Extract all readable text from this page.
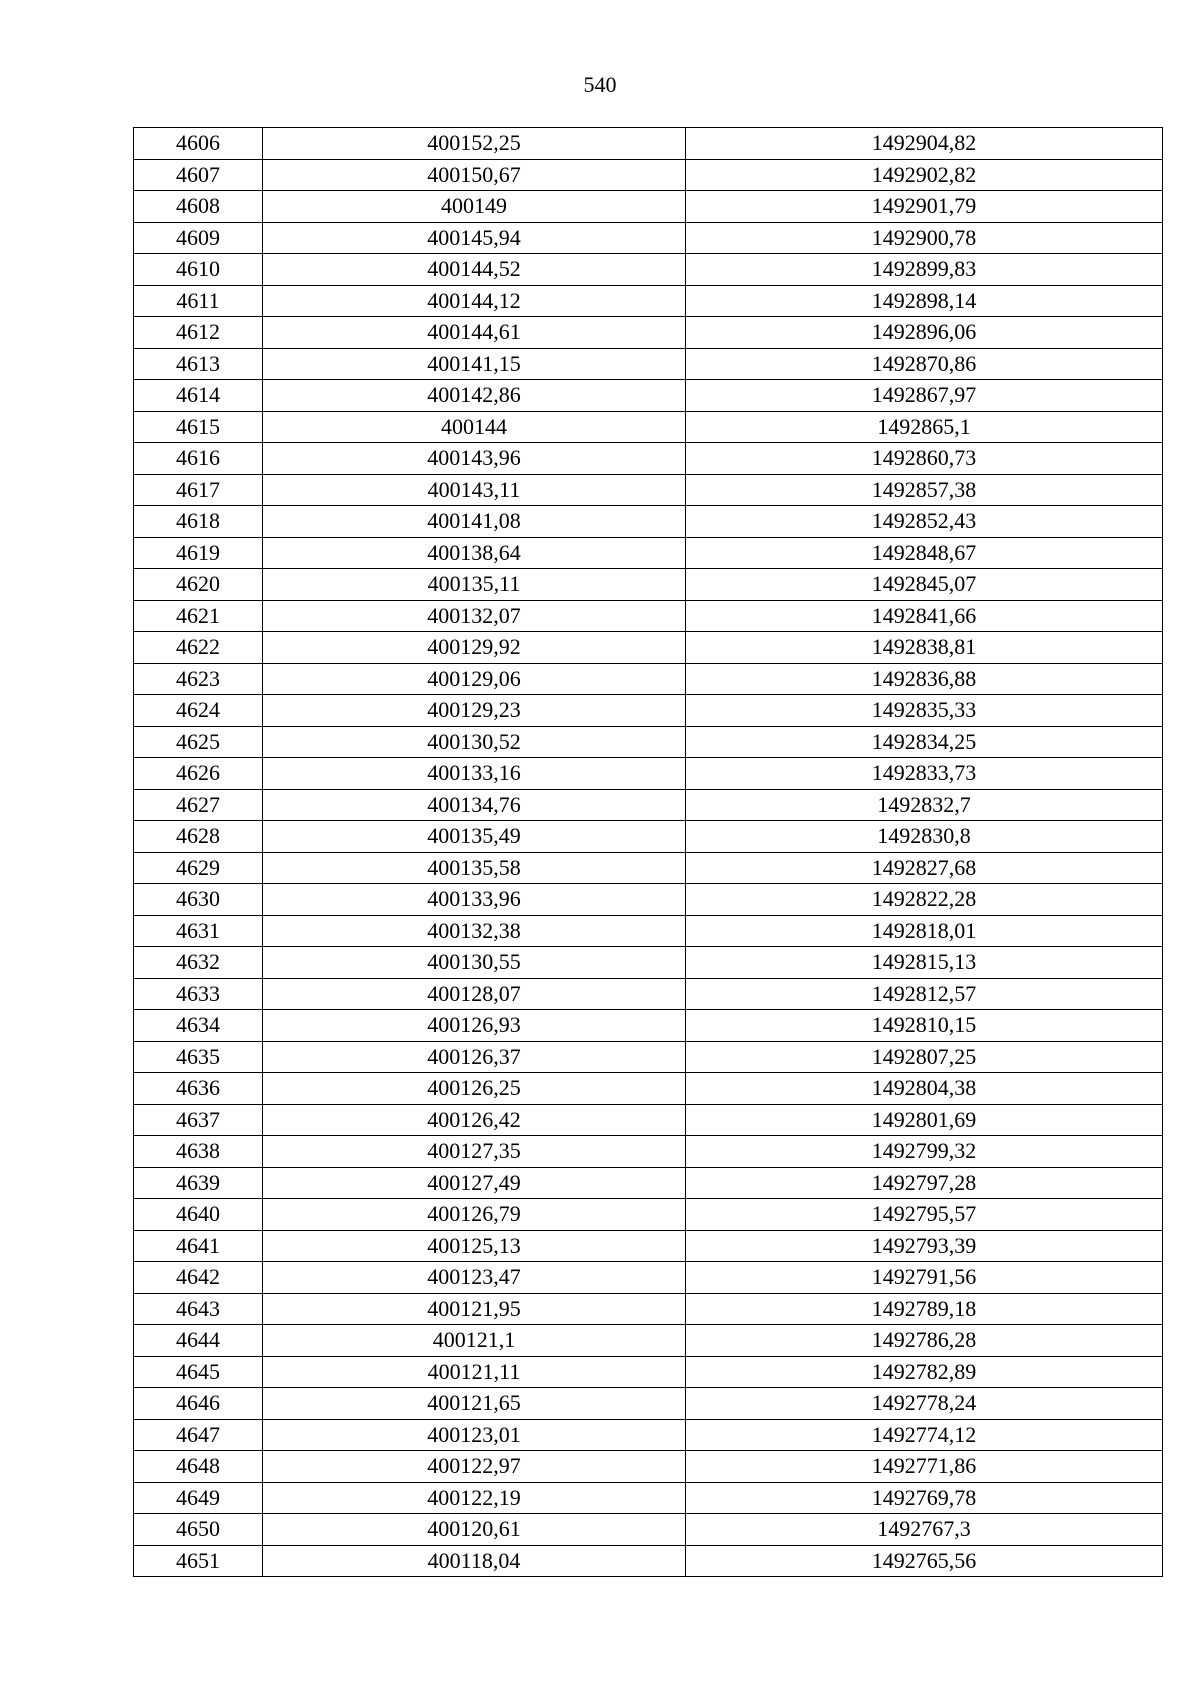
540
4606	400152,25	1492904,82
4607	400150,67	1492902,82
4608	400149	1492901,79
4609	400145,94	1492900,78
4610	400144,52	1492899,83
4611	400144,12	1492898,14
4612	400144,61	1492896,06
4613	400141,15	1492870,86
4614	400142,86	1492867,97
4615	400144	1492865,1
4616	400143,96	1492860,73
4617	400143,11	1492857,38
4618	400141,08	1492852,43
4619	400138,64	1492848,67
4620	400135,11	1492845,07
4621	400132,07	1492841,66
4622	400129,92	1492838,81
4623	400129,06	1492836,88
4624	400129,23	1492835,33
4625	400130,52	1492834,25
4626	400133,16	1492833,73
4627	400134,76	1492832,7
4628	400135,49	1492830,8
4629	400135,58	1492827,68
4630	400133,96	1492822,28
4631	400132,38	1492818,01
4632	400130,55	1492815,13
4633	400128,07	1492812,57
4634	400126,93	1492810,15
4635	400126,37	1492807,25
4636	400126,25	1492804,38
4637	400126,42	1492801,69
4638	400127,35	1492799,32
4639	400127,49	1492797,28
4640	400126,79	1492795,57
4641	400125,13	1492793,39
4642	400123,47	1492791,56
4643	400121,95	1492789,18
4644	400121,1	1492786,28
4645	400121,11	1492782,89
4646	400121,65	1492778,24
4647	400123,01	1492774,12
4648	400122,97	1492771,86
4649	400122,19	1492769,78
4650	400120,61	1492767,3
4651	400118,04	1492765,56
